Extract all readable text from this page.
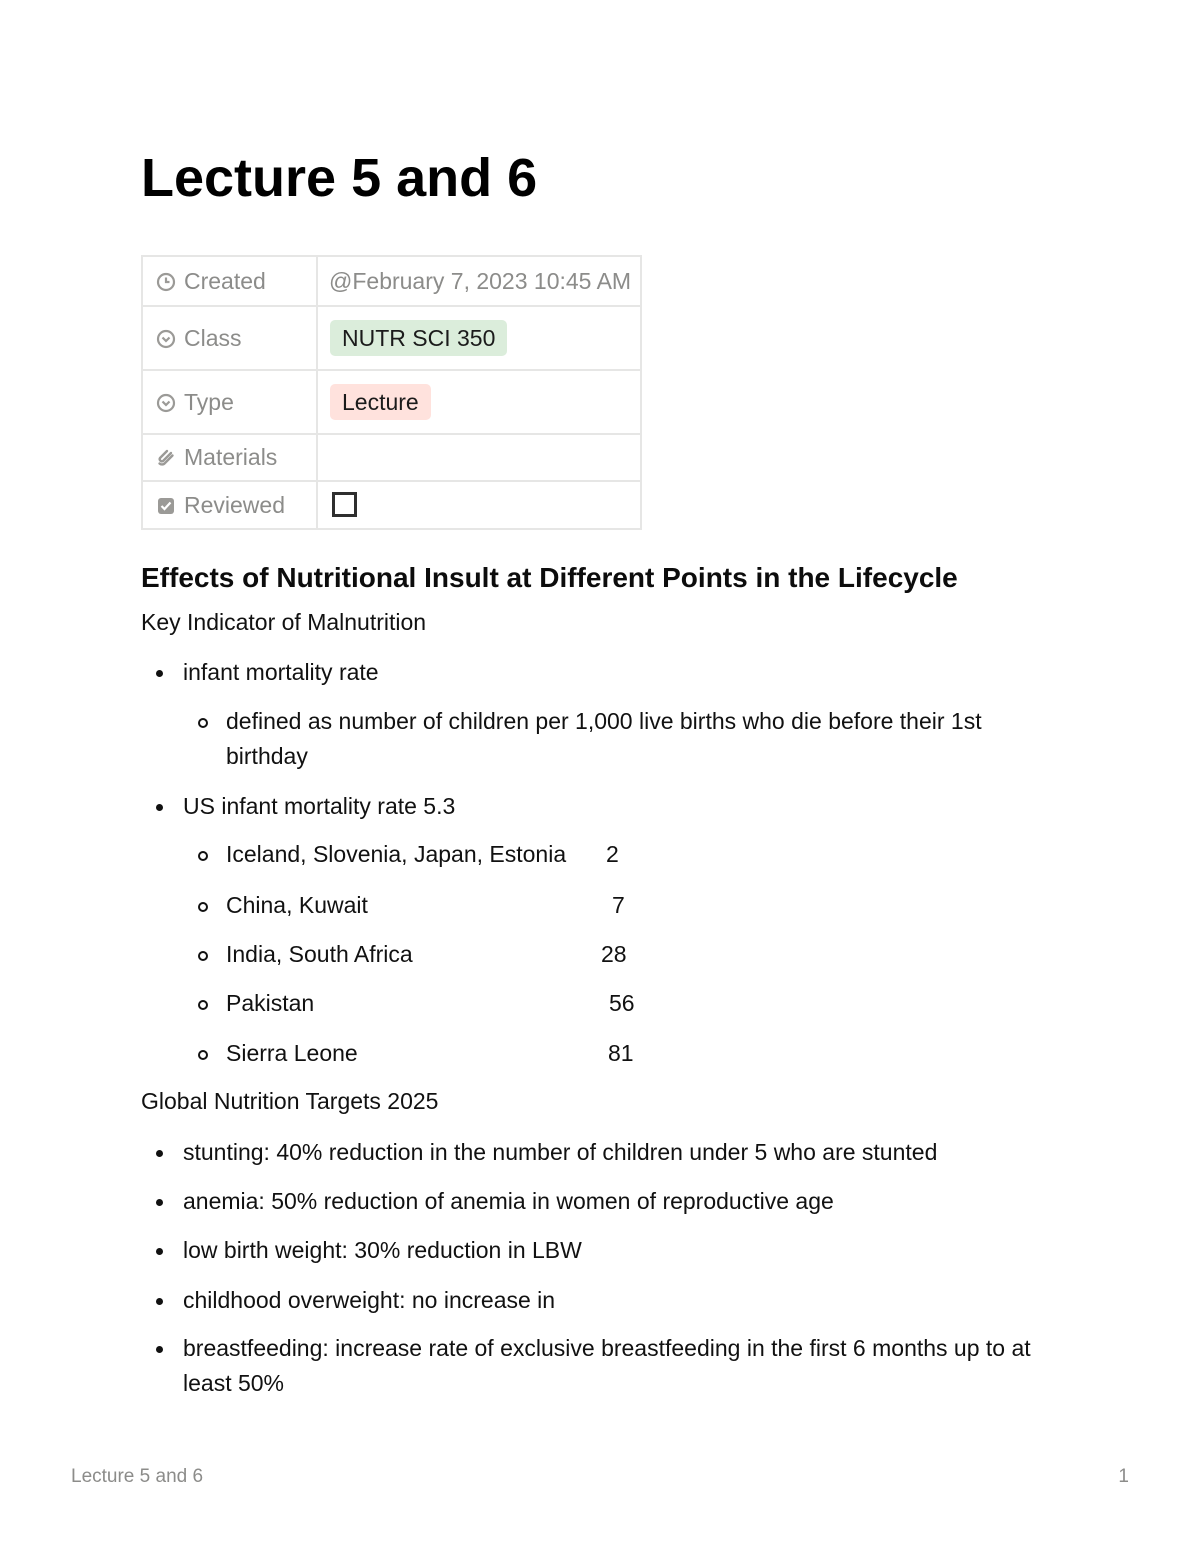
Lecture 5 and 6
Created	@February 7, 2023 10:45 AM

Class	NUTR SCI 350

Type	Lecture

Materials	

Reviewed	
Effects of Nutritional Insult at Different Points in the Lifecycle

Key Indicator of Malnutrition

infant mortality rate
defined as number of children per 1,000 live births who die before their 1st
birthday
US infant mortality rate 5.3
Iceland, Slovenia, Japan, Estonia 2
China, Kuwait	7
India, South Africa	28
Pakistan	56
Sierra Leone	81

Global Nutrition Targets 2025

stunting: 40% reduction in the number of children under 5 who are stunted
anemia: 50% reduction of anemia in women of reproductive age
low birth weight: 30% reduction in LBW
childhood overweight: no increase in
breastfeeding: increase rate of exclusive breastfeeding in the first 6 months up to at
least 50%
Lecture 5 and 6	1
